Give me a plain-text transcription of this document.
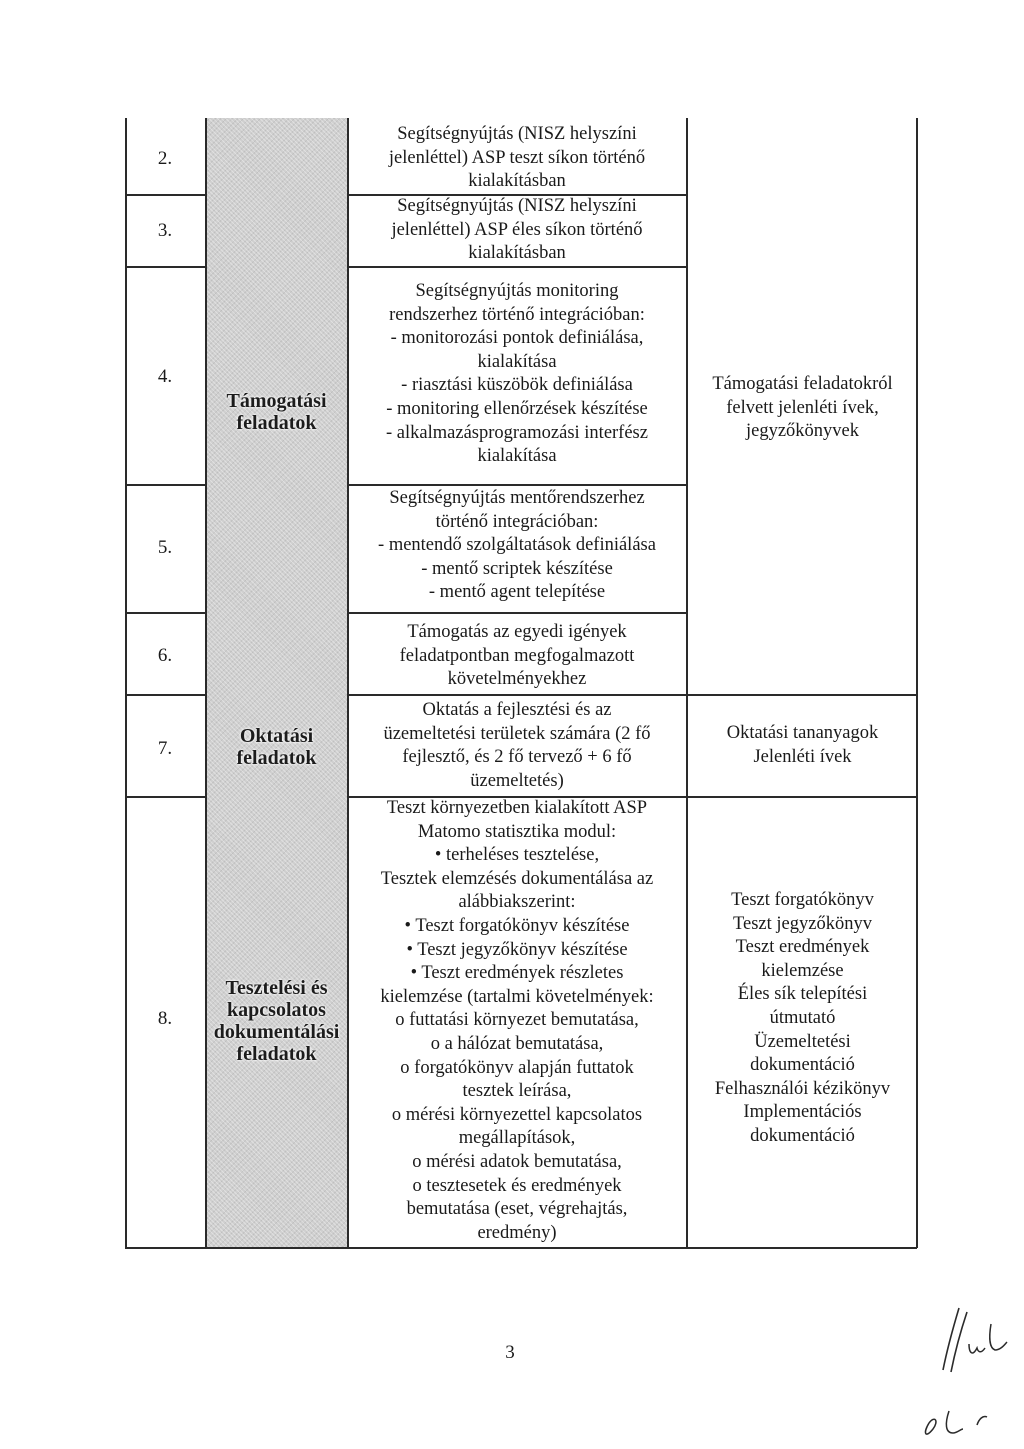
2.
3.
4.
5.
6.
7.
8.
Támogatási
feladatok
Oktatási
feladatok
Tesztelési és
kapcsolatos
dokumentálási
feladatok
Segítségnyújtás (NISZ helyszíni
jelenléttel) ASP teszt síkon történő
kialakításban
Segítségnyújtás (NISZ helyszíni
jelenléttel) ASP éles síkon történő
kialakításban
Segítségnyújtás monitoring
rendszerhez történő integrációban:
- monitorozási pontok definiálása,
kialakítása
- riasztási küszöbök definiálása
- monitoring ellenőrzések készítése
- alkalmazásprogramozási interfész
kialakítása
Segítségnyújtás mentőrendszerhez
történő integrációban:
- mentendő szolgáltatások definiálása
- mentő scriptek készítése
- mentő agent telepítése
Támogatás az egyedi igények
feladatpontban megfogalmazott
követelményekhez
Oktatás a fejlesztési és az
üzemeltetési területek számára (2 fő
fejlesztő, és 2 fő tervező + 6 fő
üzemeltetés)
Teszt környezetben kialakított ASP
Matomo statisztika modul:
• terheléses tesztelése,
Tesztek elemzésés dokumentálása az
alábbiakszerint:
• Teszt forgatókönyv készítése
• Teszt jegyzőkönyv készítése
• Teszt eredmények részletes
kielemzése (tartalmi követelmények:
o futtatási környezet bemutatása,
o a hálózat bemutatása,
o forgatókönyv alapján futtatok
tesztek leírása,
o mérési környezettel kapcsolatos
megállapítások,
o mérési adatok bemutatása,
o tesztesetek és eredmények
bemutatása (eset, végrehajtás,
eredmény)
Támogatási feladatokról
felvett jelenléti ívek,
jegyzőkönyvek
Oktatási tananyagok
Jelenléti ívek
Teszt forgatókönyv
Teszt jegyzőkönyv
Teszt eredmények
kielemzése
Éles sík telepítési
útmutató
Üzemeltetési
dokumentáció
Felhasználói kézikönyv
Implementációs
dokumentáció
3
